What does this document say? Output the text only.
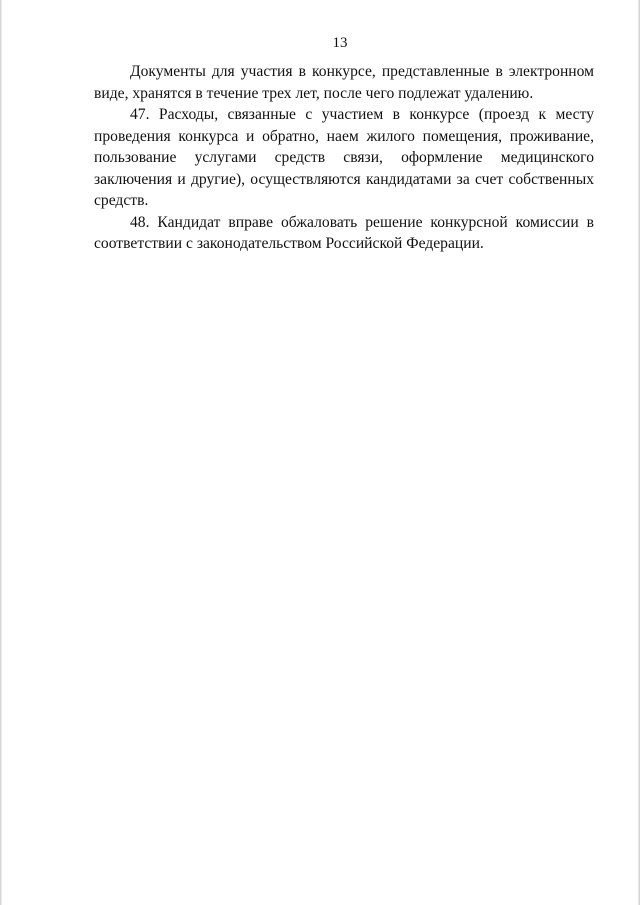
13

Документы для участия в конкурсе, представленные в электронном виде, хранятся в течение трех лет, после чего подлежат удалению.

47. Расходы, связанные с участием в конкурсе (проезд к месту проведения конкурса и обратно, наем жилого помещения, проживание, пользование услугами средств связи, оформление медицинского заключения и другие), осуществляются кандидатами за счет собственных средств.

48. Кандидат вправе обжаловать решение конкурсной комиссии в соответствии с законодательством Российской Федерации.
